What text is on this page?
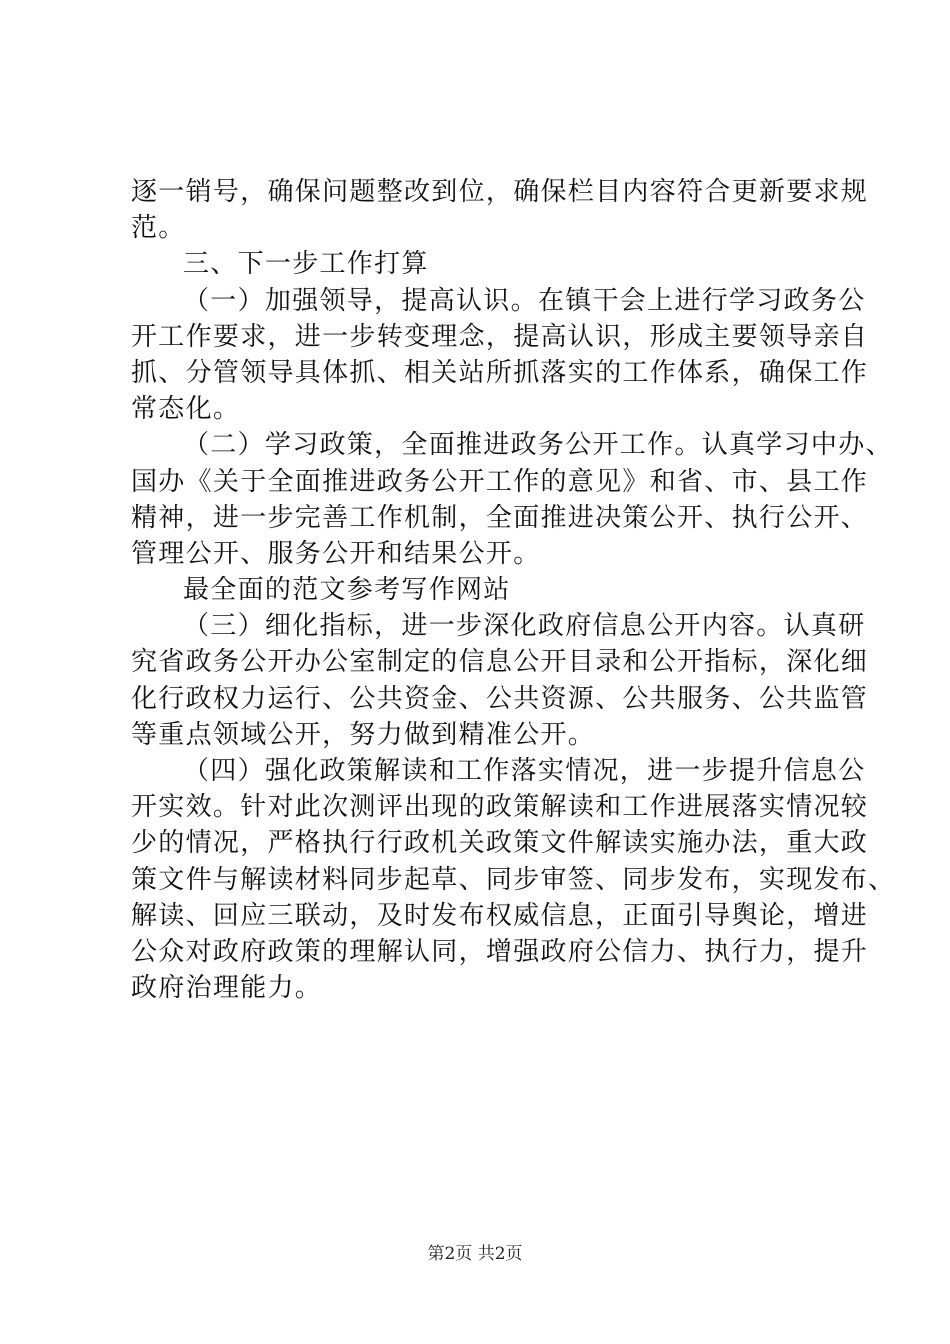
逐一销号，确保问题整改到位，确保栏目内容符合更新要求规
范。
三、下一步工作打算
（一）加强领导，提高认识。在镇干会上进行学习政务公
开工作要求，进一步转变理念，提高认识，形成主要领导亲自
抓、分管领导具体抓、相关站所抓落实的工作体系，确保工作
常态化。
（二）学习政策，全面推进政务公开工作。认真学习中办、
国办《关于全面推进政务公开工作的意见》和省、市、县工作
精神，进一步完善工作机制，全面推进决策公开、执行公开、
管理公开、服务公开和结果公开。
最全面的范文参考写作网站
（三）细化指标，进一步深化政府信息公开内容。认真研
究省政务公开办公室制定的信息公开目录和公开指标，深化细
化行政权力运行、公共资金、公共资源、公共服务、公共监管
等重点领域公开，努力做到精准公开。
（四）强化政策解读和工作落实情况，进一步提升信息公
开实效。针对此次测评出现的政策解读和工作进展落实情况较
少的情况，严格执行行政机关政策文件解读实施办法，重大政
策文件与解读材料同步起草、同步审签、同步发布，实现发布、
解读、回应三联动，及时发布权威信息，正面引导舆论，增进
公众对政府政策的理解认同，增强政府公信力、执行力，提升
政府治理能力。
第2页 共2页
